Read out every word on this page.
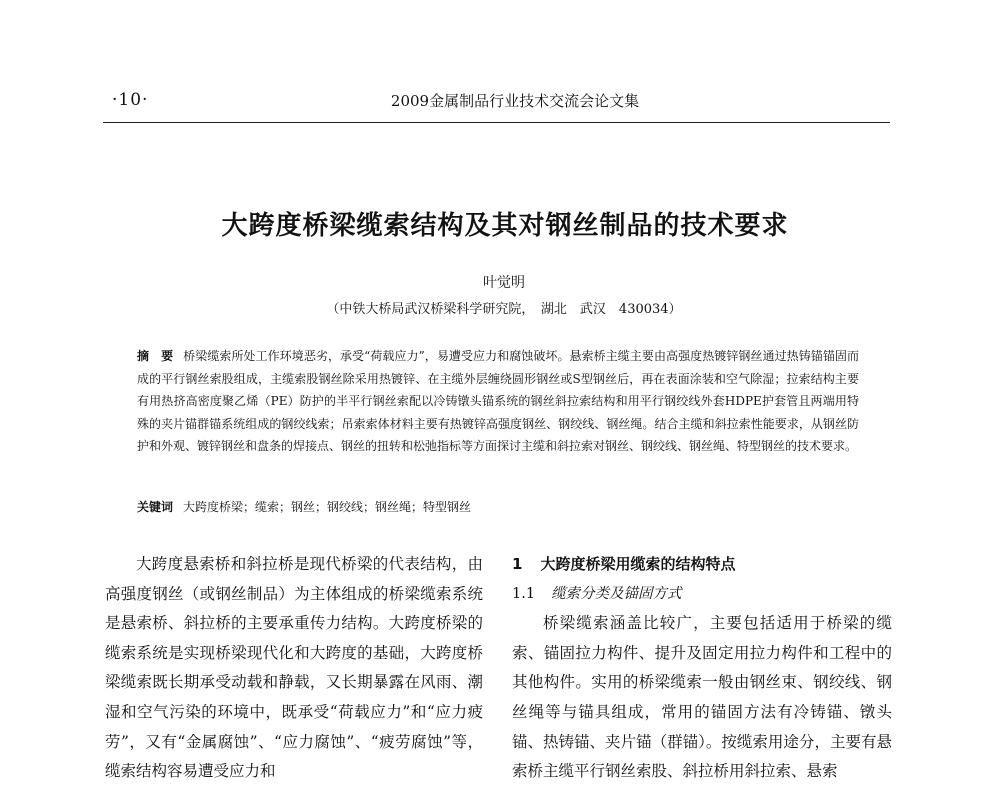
·10·	2009金属制品行业技术交流会论文集
大跨度桥梁缆索结构及其对钢丝制品的技术要求
叶觉明
（中铁大桥局武汉桥梁科学研究院，　湖北　武汉　430034）
摘　要 桥梁缆索所处工作环境恶劣，承受“荷载应力”，易遭受应力和腐蚀破坏。悬索桥主缆主要由高强度热镀锌钢丝通过热铸锚锚固而成的平行钢丝索股组成，主缆索股钢丝除采用热镀锌、在主缆外层缠绕圆形钢丝或S型钢丝后，再在表面涂装和空气除湿；拉索结构主要有用热挤高密度聚乙烯（PE）防护的半平行钢丝索配以冷铸镦头锚系统的钢丝斜拉索结构和用平行钢绞线外套HDPE护套管且两端用特殊的夹片锚群锚系统组成的钢绞线索；吊索索体材料主要有热镀锌高强度钢丝、钢绞线、钢丝绳。结合主缆和斜拉索性能要求，从钢丝防护和外观、镀锌钢丝和盘条的焊接点、钢丝的扭转和松弛指标等方面探讨主缆和斜拉索对钢丝、钢绞线、钢丝绳、特型钢丝的技术要求。
关键词 大跨度桥梁；缆索；钢丝；钢绞线；钢丝绳；特型钢丝
大跨度悬索桥和斜拉桥是现代桥梁的代表结构，由高强度钢丝（或钢丝制品）为主体组成的桥梁缆索系统是悬索桥、斜拉桥的主要承重传力结构。大跨度桥梁的缆索系统是实现桥梁现代化和大跨度的基础，大跨度桥梁缆索既长期承受动载和静载，又长期暴露在风雨、潮湿和空气污染的环境中，既承受“荷载应力”和“应力疲劳”，又有“金属腐蚀”、“应力腐蚀”、“疲劳腐蚀”等，缆索结构容易遭受应力和
1 大跨度桥梁用缆索的结构特点
1.1 缆索分类及锚固方式
桥梁缆索涵盖比较广，主要包括适用于桥梁的缆索、锚固拉力构件、提升及固定用拉力构件和工程中的其他构件。实用的桥梁缆索一般由钢丝束、钢绞线、钢丝绳等与锚具组成，常用的锚固方法有冷铸锚、镦头锚、热铸锚、夹片锚（群锚）。按缆索用途分，主要有悬索桥主缆平行钢丝索股、斜拉桥用斜拉索、悬索
